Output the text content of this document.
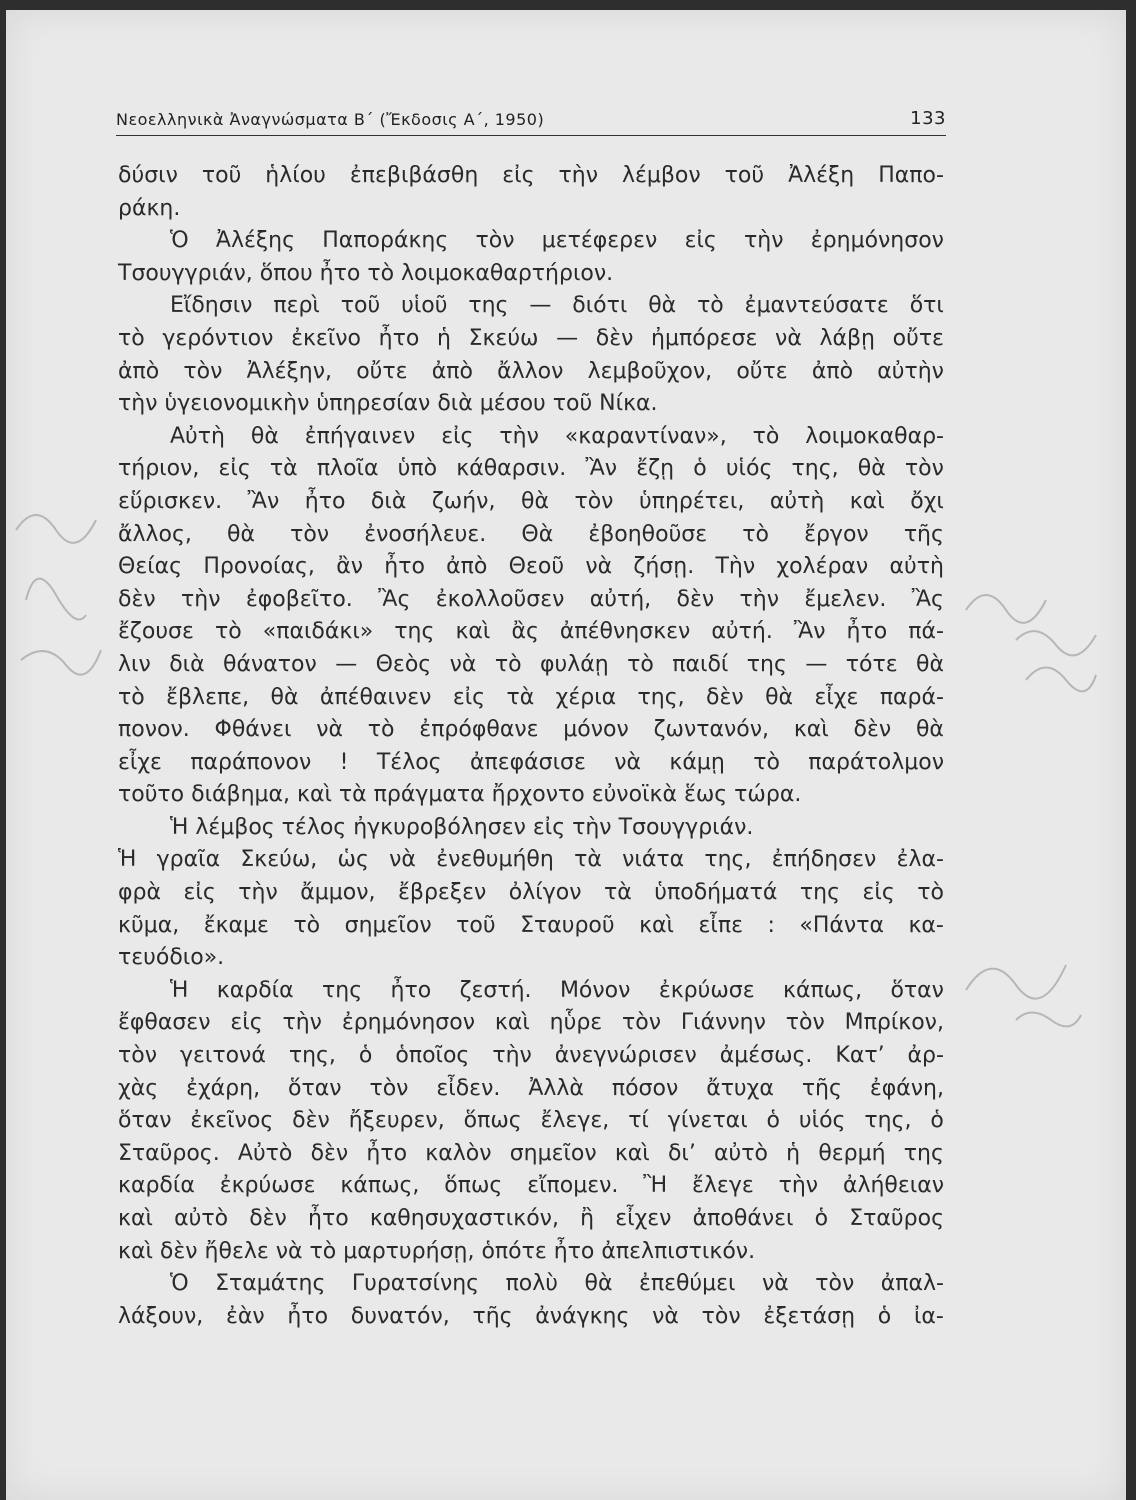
Νεοελληνικὰ Ἀναγνώσματα Β΄ (Ἔκδοσις Α΄, 1950)	133
δύσιν τοῦ ἡλίου ἐπεβιβάσθη εἰς τὴν λέμβον τοῦ Ἀλέξη Παπο-
ράκη.
Ὁ Ἀλέξης Παπoράκης τὸν μετέφερεν εἰς τὴν ἐρημόνησον
Τσουγγριάν, ὅπου ἦτο τὸ λοιμοκαθαρτήριον.
Εἴδησιν περὶ τοῦ υἱοῦ της — διότι θὰ τὸ ἐμαντεύσατε ὅτι
τὸ γερόντιον ἐκεῖνο ἦτο ἡ Σκεύω — δὲν ἠμπόρεσε νὰ λάβῃ οὔτε
ἀπὸ τὸν Ἀλέξην, οὔτε ἀπὸ ἄλλον λεμβοῦχον, οὔτε ἀπὸ αὐτὴν
τὴν ὑγειονομικὴν ὑπηρεσίαν διὰ μέσου τοῦ Νίκα.
Αὐτὴ θὰ ἐπήγαινεν εἰς τὴν «καραντίναν», τὸ λοιμοκαθαρ-
τήριον, εἰς τὰ πλοῖα ὑπὸ κάθαρσιν. Ἂν ἔζῃ ὁ υἱός της, θὰ τὸν
εὕρισκεν. Ἂν ἦτο διὰ ζωήν, θὰ τὸν ὑπηρέτει, αὐτὴ καὶ ὄχι
ἄλλος, θὰ τὸν ἐνοσήλευε. Θὰ ἐβοηθοῦσε τὸ ἔργον τῆς
Θείας Προνοίας, ἂν ἦτο ἀπὸ Θεοῦ νὰ ζήσῃ. Τὴν χολέραν αὐτὴ
δὲν τὴν ἐφοβεῖτο. Ἂς ἐκολλοῦσεν αὐτή, δὲν τὴν ἔμελεν. Ἂς
ἔζουσε τὸ «παιδάκι» της καὶ ἂς ἀπέθνησκεν αὐτή. Ἂν ἦτο πά-
λιν διὰ θάνατον — Θεὸς νὰ τὸ φυλάῃ τὸ παιδί της — τότε θὰ
τὸ ἔβλεπε, θὰ ἀπέθαινεν εἰς τὰ χέρια της, δὲν θὰ εἶχε παρά-
πονον. Φθάνει νὰ τὸ ἐπρόφθανε μόνον ζωντανόν, καὶ δὲν θὰ
εἶχε παράπονον ! Τέλος ἀπεφάσισε νὰ κάμῃ τὸ παράτολμον
τοῦτο διάβημα, καὶ τὰ πράγματα ἤρχοντο εὐνοϊκὰ ἕως τώρα.
Ἡ λέμβος τέλος ἠγκυροβόλησεν εἰς τὴν Τσουγγριάν.
Ἡ γραῖα Σκεύω, ὡς νὰ ἐνεθυμήθη τὰ νιάτα της, ἐπήδησεν ἐλα-
φρὰ εἰς τὴν ἄμμον, ἔβρεξεν ὀλίγον τὰ ὑποδήματά της εἰς τὸ
κῦμα, ἔκαμε τὸ σημεῖον τοῦ Σταυροῦ καὶ εἶπε : «Πάντα κα-
τευόδιο».
Ἡ καρδία της ἦτο ζεστή. Μόνον ἐκρύωσε κάπως, ὅταν
ἔφθασεν εἰς τὴν ἐρημόνησον καὶ ηὗρε τὸν Γιάννην τὸν Μπρίκον,
τὸν γειτονά της, ὁ ὁποῖος τὴν ἀνεγνώρισεν ἀμέσως. Κατ’ ἀρ-
χὰς ἐχάρη, ὅταν τὸν εἶδεν. Ἀλλὰ πόσον ἄτυχα τῆς ἐφάνη,
ὅταν ἐκεῖνος δὲν ἤξευρεν, ὅπως ἔλεγε, τί γίνεται ὁ υἱός της, ὁ
Σταῦρος. Αὐτὸ δὲν ἦτο καλὸν σημεῖον καὶ δι’ αὐτὸ ἡ θερμή της
καρδία ἐκρύωσε κάπως, ὅπως εἴπομεν. Ἢ ἔλεγε τὴν ἀλήθειαν
καὶ αὐτὸ δὲν ἦτο καθησυχαστικόν, ἢ εἶχεν ἀποθάνει ὁ Σταῦρος
καὶ δὲν ἤθελε νὰ τὸ μαρτυρήσῃ, ὁπότε ἦτο ἀπελπιστικόν.
Ὁ Σταμάτης Γυρατσίνης πολὺ θὰ ἐπεθύμει νὰ τὸν ἀπαλ-
λάξουν, ἐὰν ἦτο δυνατόν, τῆς ἀνάγκης νὰ τὸν ἐξετάσῃ ὁ ἰα-
